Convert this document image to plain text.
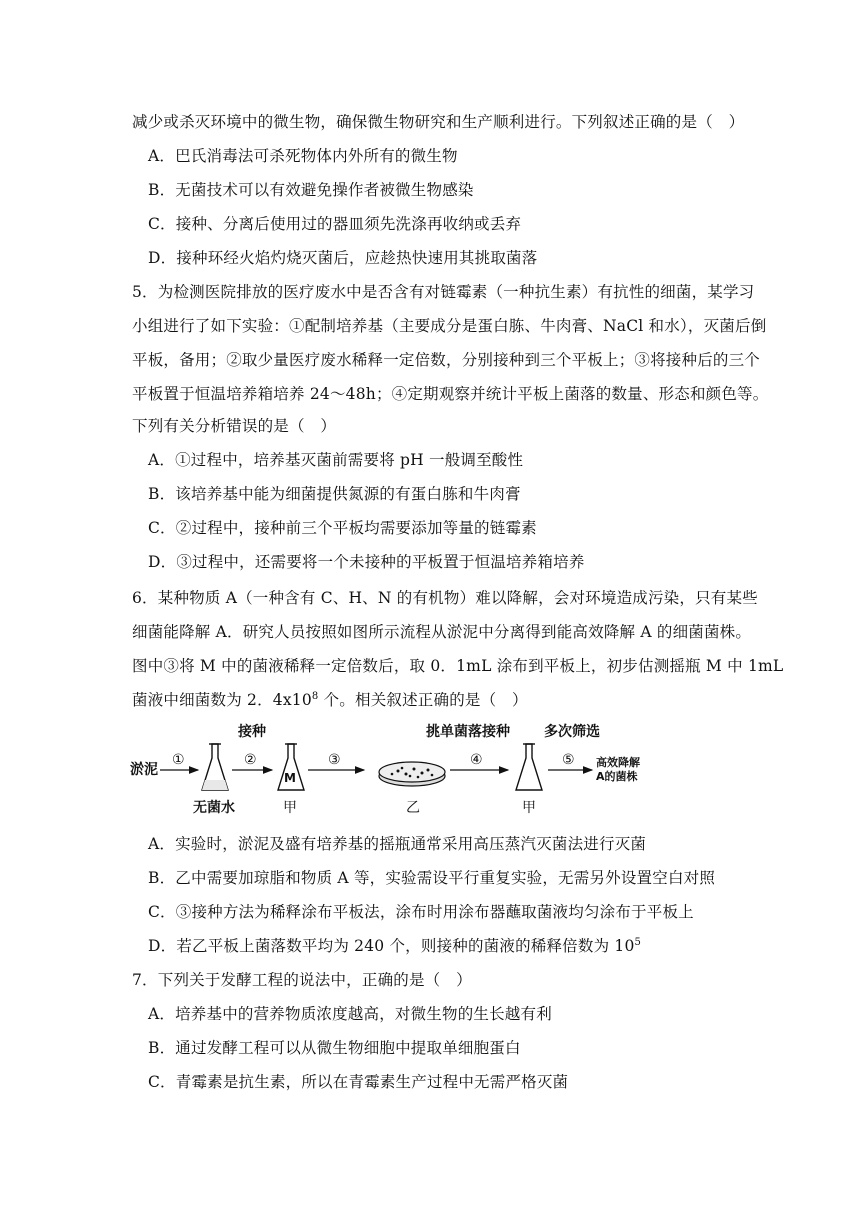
减少或杀灭环境中的微生物，确保微生物研究和生产顺利进行。下列叙述正确的是（　）
A．巴氏消毒法可杀死物体内外所有的微生物
B．无菌技术可以有效避免操作者被微生物感染
C．接种、分离后使用过的器皿须先洗涤再收纳或丢弃
D．接种环经火焰灼烧灭菌后，应趁热快速用其挑取菌落
5．为检测医院排放的医疗废水中是否含有对链霉素（一种抗生素）有抗性的细菌，某学习
小组进行了如下实验：①配制培养基（主要成分是蛋白胨、牛肉膏、NaCl 和水），灭菌后倒
平板，备用；②取少量医疗废水稀释一定倍数，分别接种到三个平板上；③将接种后的三个
平板置于恒温培养箱培养 24～48h；④定期观察并统计平板上菌落的数量、形态和颜色等。
下列有关分析错误的是（　）
A．①过程中，培养基灭菌前需要将 pH 一般调至酸性
B．该培养基中能为细菌提供氮源的有蛋白胨和牛肉膏
C．②过程中，接种前三个平板均需要添加等量的链霉素
D．③过程中，还需要将一个未接种的平板置于恒温培养箱培养
6．某种物质 A（一种含有 C、H、N 的有机物）难以降解，会对环境造成污染，只有某些
细菌能降解 A．研究人员按照如图所示流程从淤泥中分离得到能高效降解 A 的细菌菌株。
图中③将 M 中的菌液稀释一定倍数后，取 0．1mL 涂布到平板上，初步估测摇瓶 M 中 1mL
菌液中细菌数为 2．$4x10^8$ 个。相关叙述正确的是（　）
淤泥
①
无菌水
②
接种
M
甲
③
乙
④
挑单菌落接种
甲
多次筛选
⑤ 高效降解
A的菌株
A．实验时，淤泥及盛有培养基的摇瓶通常采用高压蒸汽灭菌法进行灭菌
B．乙中需要加琼脂和物质 A 等，实验需设平行重复实验，无需另外设置空白对照
C．③接种方法为稀释涂布平板法，涂布时用涂布器蘸取菌液均匀涂布于平板上
D．若乙平板上菌落数平均为 240 个，则接种的菌液的稀释倍数为 $10^5$
7．下列关于发酵工程的说法中，正确的是（　）
A．培养基中的营养物质浓度越高，对微生物的生长越有利
B．通过发酵工程可以从微生物细胞中提取单细胞蛋白
C．青霉素是抗生素，所以在青霉素生产过程中无需严格灭菌
